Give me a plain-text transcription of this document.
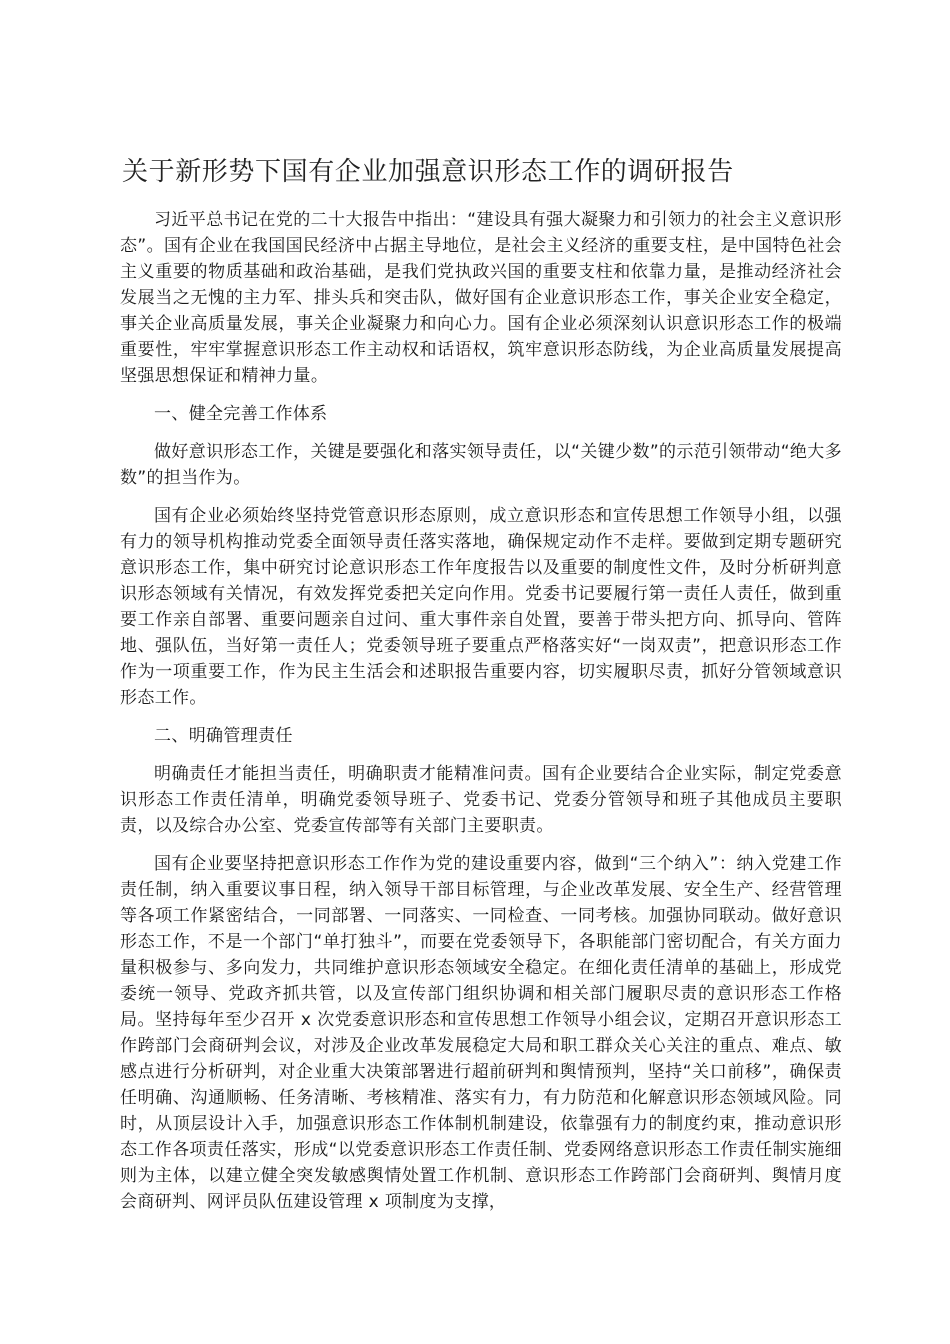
关于新形势下国有企业加强意识形态工作的调研报告

习近平总书记在党的二十大报告中指出：“建设具有强大凝聚力和引领力的社会主义意识形态”。国有企业在我国国民经济中占据主导地位，是社会主义经济的重要支柱，是中国特色社会主义重要的物质基础和政治基础，是我们党执政兴国的重要支柱和依靠力量，是推动经济社会发展当之无愧的主力军、排头兵和突击队，做好国有企业意识形态工作，事关企业安全稳定，事关企业高质量发展，事关企业凝聚力和向心力。国有企业必须深刻认识意识形态工作的极端重要性，牢牢掌握意识形态工作主动权和话语权，筑牢意识形态防线，为企业高质量发展提高坚强思想保证和精神力量。

一、健全完善工作体系

做好意识形态工作，关键是要强化和落实领导责任，以“关键少数”的示范引领带动“绝大多数”的担当作为。

国有企业必须始终坚持党管意识形态原则，成立意识形态和宣传思想工作领导小组，以强有力的领导机构推动党委全面领导责任落实落地，确保规定动作不走样。要做到定期专题研究意识形态工作，集中研究讨论意识形态工作年度报告以及重要的制度性文件，及时分析研判意识形态领域有关情况，有效发挥党委把关定向作用。党委书记要履行第一责任人责任，做到重要工作亲自部署、重要问题亲自过问、重大事件亲自处置，要善于带头把方向、抓导向、管阵地、强队伍，当好第一责任人；党委领导班子要重点严格落实好“一岗双责”，把意识形态工作作为一项重要工作，作为民主生活会和述职报告重要内容，切实履职尽责，抓好分管领域意识形态工作。

二、明确管理责任

明确责任才能担当责任，明确职责才能精准问责。国有企业要结合企业实际，制定党委意识形态工作责任清单，明确党委领导班子、党委书记、党委分管领导和班子其他成员主要职责，以及综合办公室、党委宣传部等有关部门主要职责。

国有企业要坚持把意识形态工作作为党的建设重要内容，做到“三个纳入”：纳入党建工作责任制，纳入重要议事日程，纳入领导干部目标管理，与企业改革发展、安全生产、经营管理等各项工作紧密结合，一同部署、一同落实、一同检查、一同考核。加强协同联动。做好意识形态工作，不是一个部门“单打独斗”，而要在党委领导下，各职能部门密切配合，有关方面力量积极参与、多向发力，共同维护意识形态领域安全稳定。在细化责任清单的基础上，形成党委统一领导、党政齐抓共管，以及宣传部门组织协调和相关部门履职尽责的意识形态工作格局。坚持每年至少召开 x 次党委意识形态和宣传思想工作领导小组会议，定期召开意识形态工作跨部门会商研判会议，对涉及企业改革发展稳定大局和职工群众关心关注的重点、难点、敏感点进行分析研判，对企业重大决策部署进行超前研判和舆情预判，坚持“关口前移”，确保责任明确、沟通顺畅、任务清晰、考核精准、落实有力，有力防范和化解意识形态领域风险。同时，从顶层设计入手，加强意识形态工作体制机制建设，依靠强有力的制度约束，推动意识形态工作各项责任落实，形成“以党委意识形态工作责任制、党委网络意识形态工作责任制实施细则为主体，以建立健全突发敏感舆情处置工作机制、意识形态工作跨部门会商研判、舆情月度会商研判、网评员队伍建设管理 x 项制度为支撑，
